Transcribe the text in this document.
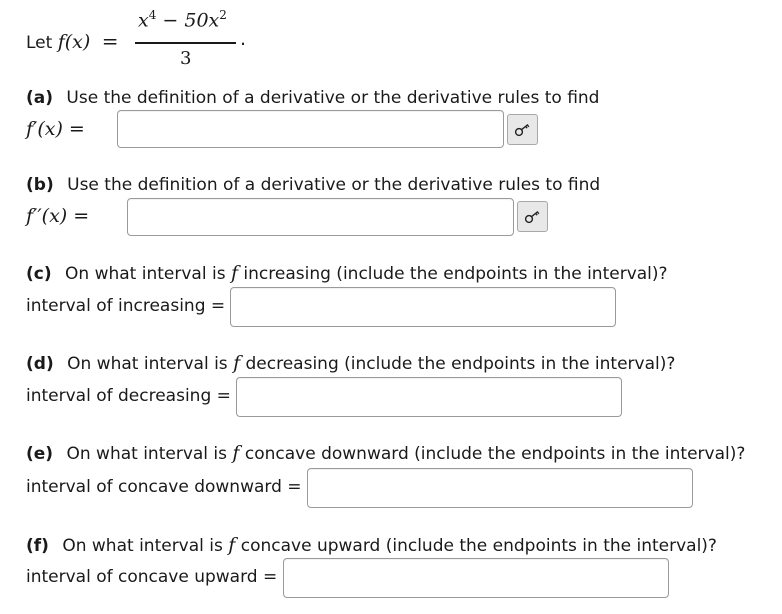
Let f(x) =
$x^4 - 50x^2$
3
.
(a) Use the definition of a derivative or the derivative rules to find
f′(x) =
(b) Use the definition of a derivative or the derivative rules to find
f′′(x) =
(c) On what interval is f increasing (include the endpoints in the interval)?
interval of increasing =
(d) On what interval is f decreasing (include the endpoints in the interval)?
interval of decreasing =
(e) On what interval is f concave downward (include the endpoints in the interval)?
interval of concave downward =
(f) On what interval is f concave upward (include the endpoints in the interval)?
interval of concave upward =
